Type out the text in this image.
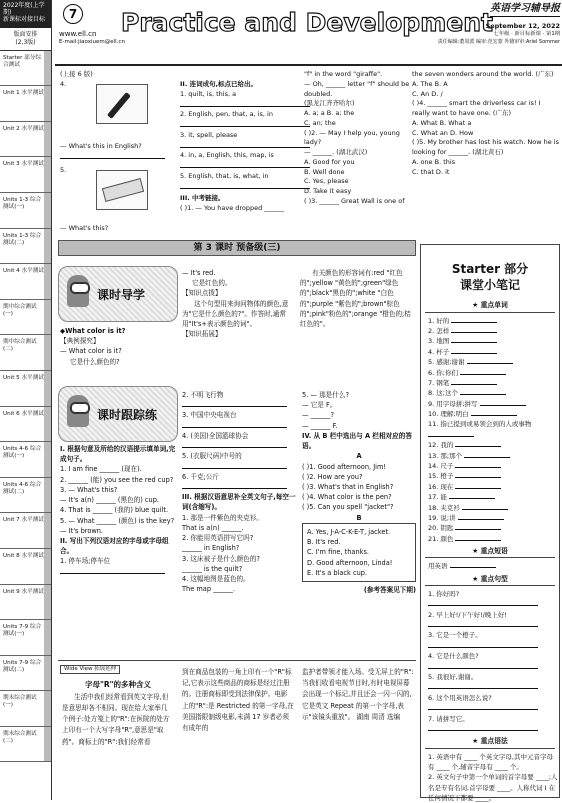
2022年度(上学期)
新课标对接目标
版面安排
(2,3版)
Starter 部分综合测试
Unit 1 水平测试
Unit 2 水平测试
Unit 3 水平测试
Units 1-3 综合测试(一)
Units 1-3 综合测试(二)
Unit 4 水平测试
期中综合测试(一)
期中综合测试(二)
Unit 5 水平测试
Unit 6 水平测试
Units 4-6 综合测试(一)
Units 4-6 综合测试(二)
Unit 7 水平测试
Unit 8 水平测试
Unit 9 水平测试
Units 7-9 综合测试(一)
Units 7-9 综合测试(二)
期末综合测试(一)
期末综合测试(二)
7
www.ell.cn
E-mail:jiaoxiuem@ell.cn
Practice and Development
英语学习辅导报
September 12, 2022
七年级 · 新目标新课 · 第1期
责任编辑:董周派 编审:范宏蒙 外籍审审:Ariel Sommer
(上接 6 版)
4.
— What's this in English?
5.
— What's this?
II. 连词成句,标点已给出。
1. quilt, is, this, a
2. English, pen, that, a, is, in
3. it, spell, please
4. in, a, English, this, map, is
5. English, that, is, what, in
III. 中考链接。
( )1. — You have dropped ______
"f" in the word "giraffe".
— Oh, ______ letter "f" should be doubled.
(黑龙江齐齐哈尔)
A. a; a B. a; the
C. an; the
( )2. — May I help you, young lady?
— ______. (湖北武汉)
A. Good for you
B. Well done
C. Yes, please
D. Take it easy
( )3. ______ Great Wall is one of
the seven wonders around the world. (广东)
A. The B. A
C. An D. /
( )4. ______ smart the driverless car is! I really want to have one. (广东)
A. What B. What a
C. What an D. How
( )5. My brother has lost his watch. Now he is looking for ______. (湖北黄石)
A. one B. this
C. that D. it
第 3 课时 预备级(三)
课时导学
◆What color is it?
【典例探究】
— What color is it?
它是什么颜色的?
— It's red.
它是红色的。
【知识点拨】
这个句型用来询问物体的颜色,意为"它是什么颜色的?"。作答时,通常用"It's+表示颜色的词"。
【知识拓展】
有关颜色的形容词有:red "红色的";yellow "黄色的";green"绿色的";black"黑色的";white "白色的";purple "紫色的";brown"棕色的";pink"粉色的";orange "橙色的;桔红色的"。
课时跟踪练
I. 根据句意及所给的汉语提示填单词,完成句子。
1. I am fine ______ (现在).
2. ______ (能) you see the red cup?
3. — What's this?
— It's a(n) ______ (黑色的) cup.
4. That is ______ (我的) blue quilt.
5. — What ______ (颜色) is the key?
— It's brown.
II. 写出下列汉语对应的字母或字母组合。
1. 停车场;停车位
2. 不明飞行物
3. 中国中央电视台
4. (美国)全国篮球协会
5. (衣服尺码)中号的
6. 千克;公斤
III. 根据汉语意思补全英文句子,每空一词(含缩写)。
1. 那是一件紫色的夹克衫。
That is a(n) ______.
2. 你能用英语拼写它吗?
______ in English?
3. 这床被子是什么颜色的?
______ is the quilt?
4. 这幅地图是蓝色的。
The map ______.
5. — 那是什么?
— 它是 F。
— ______?
— ______ F.
IV. 从 B 栏中选出与 A 栏相对应的答语。
A
( )1. Good afternoon, Jim!
( )2. How are you?
( )3. What's that in English?
( )4. What color is the pen?
( )5. Can you spell "jacket"?
B
A. Yes, J-A-C-K-E-T, jacket.
B. It's red.
C. I'm fine, thanks.
D. Good afternoon, Linda!
E. It's a black cup.
(参考答案见下期)
Starter 部分
课堂小笔记
★ 重点单词
1. 好的
2. 怎样
3. 地图
4. 杯子
5. 感谢;谢谢
6. 你;你们
7. 钢笔
8. 这;这个
9. 用字母拼;拼写
10. 理解;明白
11. 指已提到或易领会到的人或事物
12. 我的
13. 那;那个
14. 尺子
15. 橙子
16. 现在
17. 能
18. 夹克衫
19. 说;讲
20. 钥匙
21. 颜色
★ 重点短语
用英语
★ 重点句型
1. 你好吗?
2. 早上好!/下午好!/晚上好!
3. 它是一个橙子。
4. 它是什么颜色?
5. 我很好,谢谢。
6. 这个用英语怎么说?
7. 请拼写它。
★ 重点语法
1. 英语中有 ____ 个英文字母,其中元音字母有 ____ 个,辅音字母有 ____ 个。
2. 英文句子中第一个单词的首字母要 ____;人名是专有名词,首字母要 ____。人称代词 I 在任何情况下都要 ____。
Wide View 拓展延伸
字母"R"的多种含义
生活中我们经常看到英文字母,但是意思却各不相同。现在给大家举几个例子:处方笺上的"R":在医院的处方上印有一个大写字母"R",意思是"取药"。商标上的"R":我们经常看
到在商品包装的一角上印有一个"R"标记,它表示这些商品的商标是经过注册的。注册商标即受到法律保护。电影上的"R":是 Restricted 的第一字母,在美国指限制级电影,未满 17 岁者必须有成年的
监护者带领才能入场。受无屏上的"R":当我们收看电视节目时,有时电视屏幕会出现一个标记,并且还会一闪一闪的,它是英文 Repeat 的第一个字母,表示"该镜头重放"。 湖南 周清 选编
